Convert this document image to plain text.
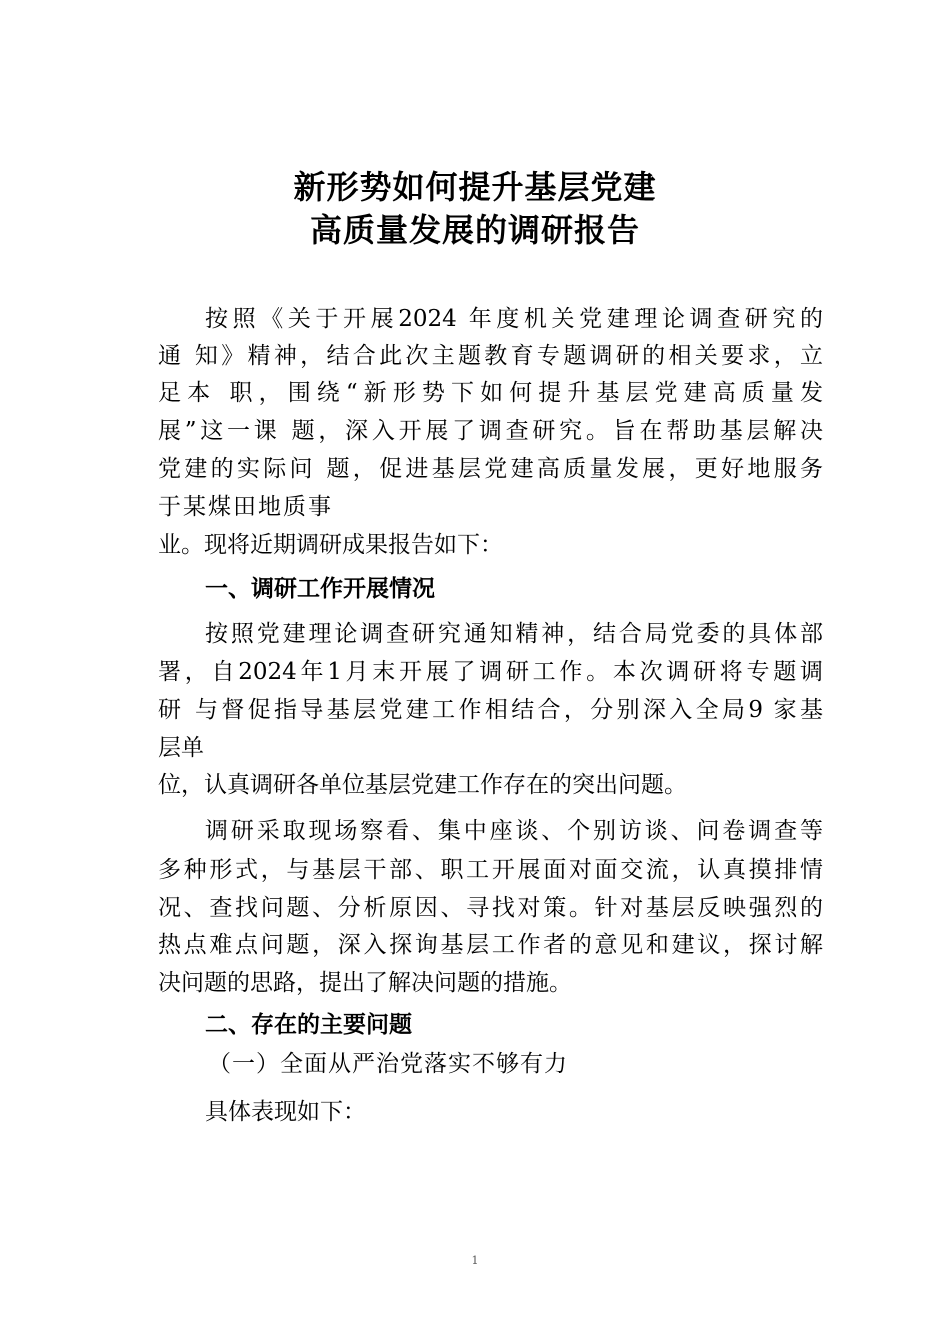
新形势如何提升基层党建
高质量发展的调研报告
按照《关于开展2024 年度机关党建理论调查研究的
通 知》精神，结合此次主题教育专题调研的相关要求，立
足本 职，围绕“新形势下如何提升基层党建高质量发
展”这一课 题，深入开展了调查研究。旨在帮助基层解决
党建的实际问 题，促进基层党建高质量发展，更好地服务
于某煤田地质事
业。现将近期调研成果报告如下：
一、调研工作开展情况
按照党建理论调查研究通知精神，结合局党委的具体部
署，自2024年1月末开展了调研工作。本次调研将专题调
研 与督促指导基层党建工作相结合，分别深入全局9 家基
层单
位，认真调研各单位基层党建工作存在的突出问题。
调研采取现场察看、集中座谈、个别访谈、问卷调查等
多种形式，与基层干部、职工开展面对面交流，认真摸排情
况、查找问题、分析原因、寻找对策。针对基层反映强烈的
热点难点问题，深入探询基层工作者的意见和建议，探讨解
决问题的思路，提出了解决问题的措施。
二、存在的主要问题
（一）全面从严治党落实不够有力
具体表现如下：
1
